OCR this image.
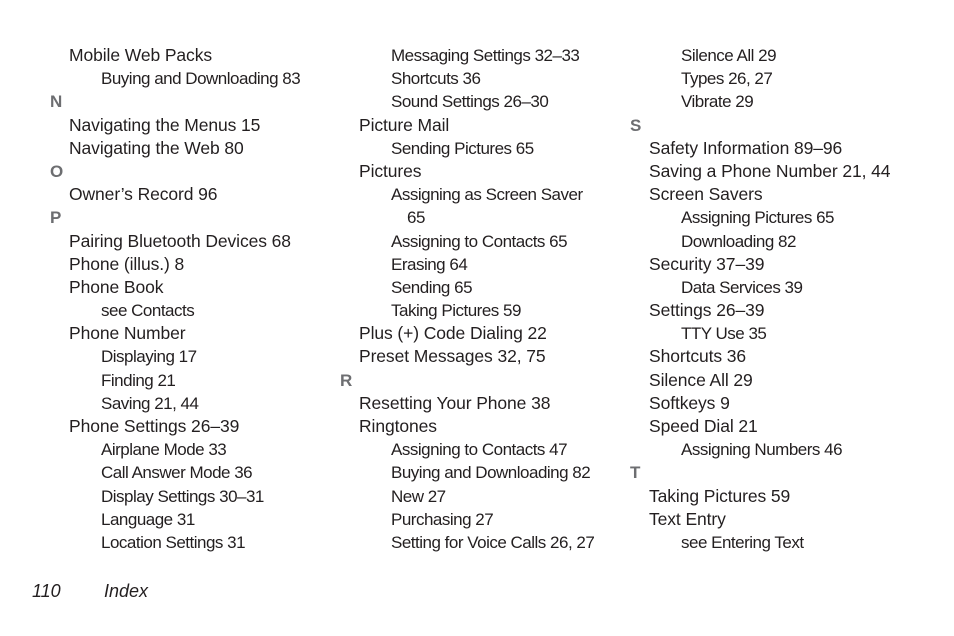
Mobile Web Packs
Buying and Downloading 83
N
Navigating the Menus 15
Navigating the Web 80
O
Owner’s Record 96
P
Pairing Bluetooth Devices 68
Phone (illus.) 8
Phone Book
see Contacts
Phone Number
Displaying 17
Finding 21
Saving 21, 44
Phone Settings 26–39
Airplane Mode 33
Call Answer Mode 36
Display Settings 30–31
Language 31
Location Settings 31
Messaging Settings 32–33
Shortcuts 36
Sound Settings 26–30
Picture Mail
Sending Pictures 65
Pictures
Assigning as Screen Saver
65
Assigning to Contacts 65
Erasing 64
Sending 65
Taking Pictures 59
Plus (+) Code Dialing 22
Preset Messages 32, 75
R
Resetting Your Phone 38
Ringtones
Assigning to Contacts 47
Buying and Downloading 82
New 27
Purchasing 27
Setting for Voice Calls 26, 27
Silence All 29
Types 26, 27
Vibrate 29
S
Safety Information 89–96
Saving a Phone Number 21, 44
Screen Savers
Assigning Pictures 65
Downloading 82
Security 37–39
Data Services 39
Settings 26–39
TTY Use 35
Shortcuts 36
Silence All 29
Softkeys 9
Speed Dial 21
Assigning Numbers 46
T
Taking Pictures 59
Text Entry
see Entering Text
110 Index
